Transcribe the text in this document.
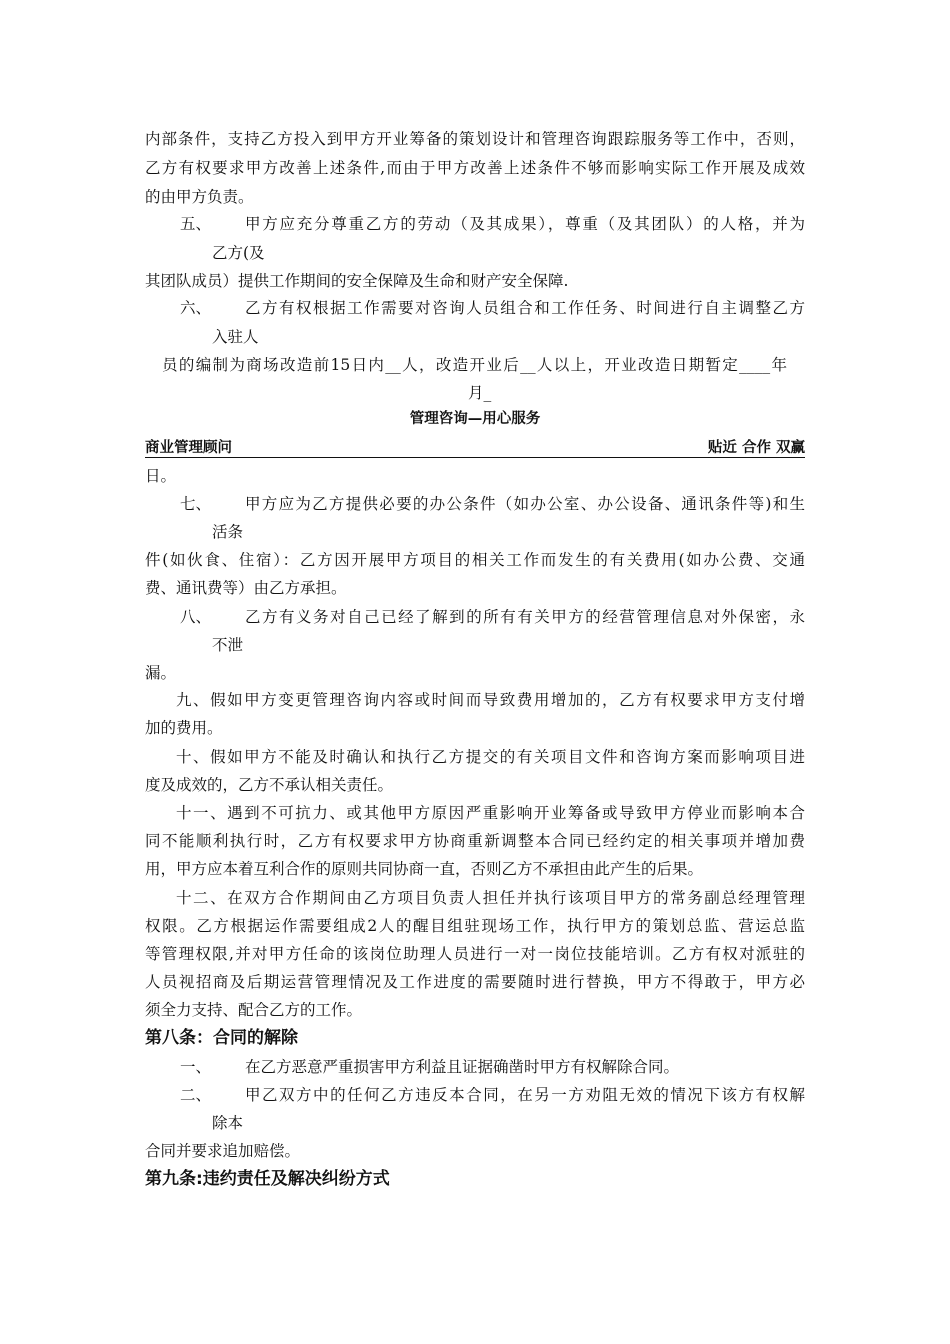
内部条件，支持乙方投入到甲方开业筹备的策划设计和管理咨询跟踪服务等工作中，否则，
乙方有权要求甲方改善上述条件,而由于甲方改善上述条件不够而影响实际工作开展及成效
的由甲方负责。
五、 甲方应充分尊重乙方的劳动（及其成果），尊重（及其团队）的人格，并为
乙方(及
其团队成员）提供工作期间的安全保障及生命和财产安全保障.
六、 乙方有权根据工作需要对咨询人员组合和工作任务、时间进行自主调整乙方
入驻人
员的编制为商场改造前15日内__人，改造开业后__人以上，开业改造日期暂定____年
月_
管理咨询—用心服务
商业管理顾问	贴近 合作 双赢
日。
七、 甲方应为乙方提供必要的办公条件（如办公室、办公设备、通讯条件等)和生
活条
件(如伙食、住宿）：乙方因开展甲方项目的相关工作而发生的有关费用(如办公费、交通
费、通讯费等）由乙方承担。
八、 乙方有义务对自己已经了解到的所有有关甲方的经营管理信息对外保密，永
不泄
漏。
九、假如甲方变更管理咨询内容或时间而导致费用增加的，乙方有权要求甲方支付增
加的费用。
十、假如甲方不能及时确认和执行乙方提交的有关项目文件和咨询方案而影响项目进
度及成效的，乙方不承认相关责任。
十一、遇到不可抗力、或其他甲方原因严重影响开业筹备或导致甲方停业而影响本合
同不能顺利执行时，乙方有权要求甲方协商重新调整本合同已经约定的相关事项并增加费
用，甲方应本着互利合作的原则共同协商一直，否则乙方不承担由此产生的后果。
十二、在双方合作期间由乙方项目负责人担任并执行该项目甲方的常务副总经理管理
权限。乙方根据运作需要组成2人的醒目组驻现场工作，执行甲方的策划总监、营运总监
等管理权限,并对甲方任命的该岗位助理人员进行一对一岗位技能培训。乙方有权对派驻的
人员视招商及后期运营管理情况及工作进度的需要随时进行替换，甲方不得敢于，甲方必
须全力支持、配合乙方的工作。
第八条：合同的解除
一、 在乙方恶意严重损害甲方利益且证据确凿时甲方有权解除合同。
二、 甲乙双方中的任何乙方违反本合同，在另一方劝阻无效的情况下该方有权解
除本
合同并要求追加赔偿。
第九条:违约责任及解决纠纷方式
